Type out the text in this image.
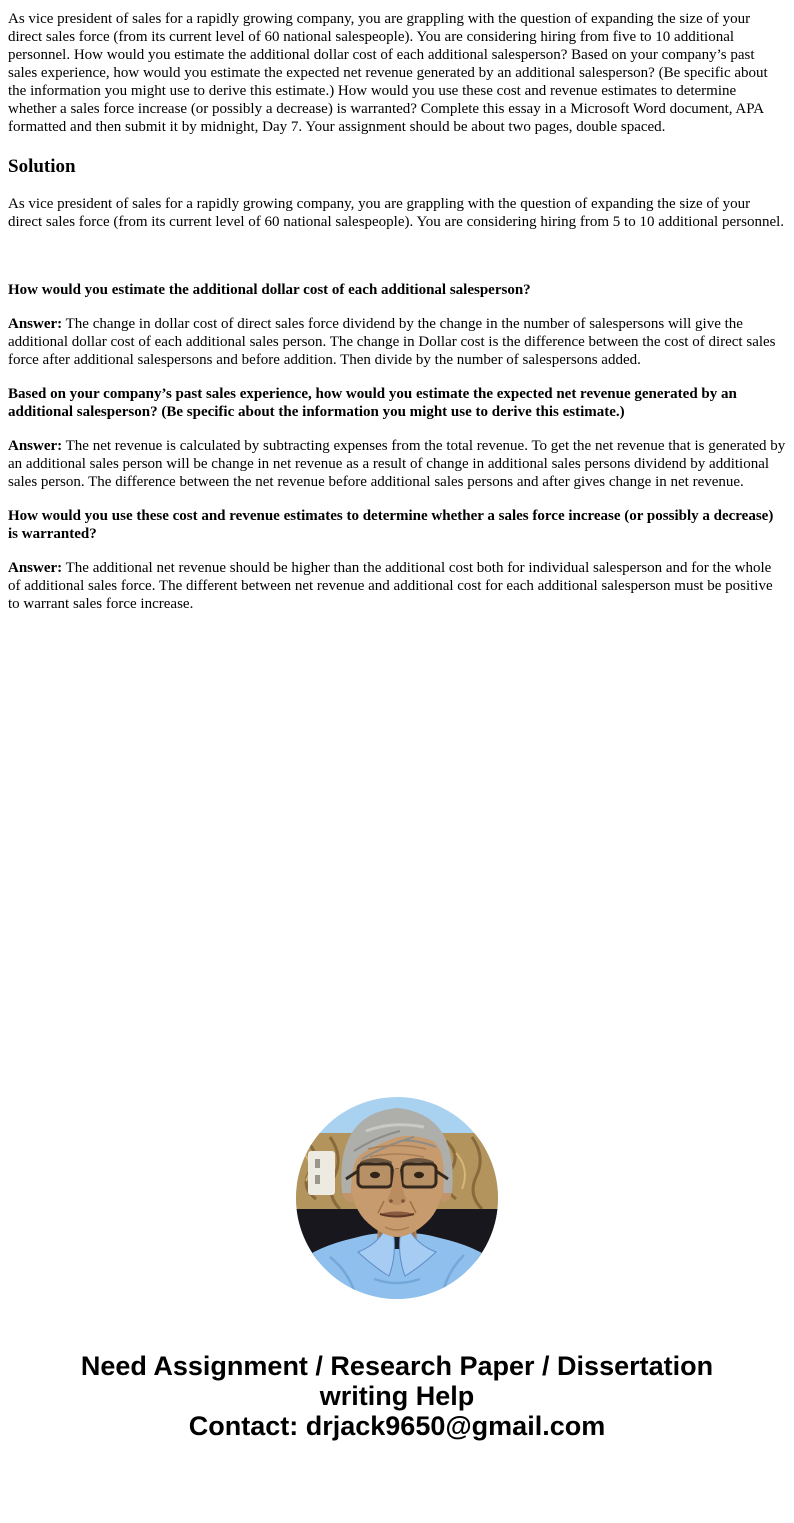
As vice president of sales for a rapidly growing company, you are grappling with the question of expanding the size of your direct sales force (from its current level of 60 national salespeople). You are considering hiring from five to 10 additional personnel. How would you estimate the additional dollar cost of each additional salesperson? Based on your company’s past sales experience, how would you estimate the expected net revenue generated by an additional salesperson? (Be specific about the information you might use to derive this estimate.) How would you use these cost and revenue estimates to determine whether a sales force increase (or possibly a decrease) is warranted? Complete this essay in a Microsoft Word document, APA formatted and then submit it by midnight, Day 7. Your assignment should be about two pages, double spaced.

Solution

As vice president of sales for a rapidly growing company, you are grappling with the question of expanding the size of your direct sales force (from its current level of 60 national salespeople). You are considering hiring from 5 to 10 additional personnel.

How would you estimate the additional dollar cost of each additional salesperson?

Answer: The change in dollar cost of direct sales force dividend by the change in the number of salespersons will give the additional dollar cost of each additional sales person. The change in Dollar cost is the difference between the cost of direct sales force after additional salespersons and before addition. Then divide by the number of salespersons added.

Based on your company’s past sales experience, how would you estimate the expected net revenue generated by an additional salesperson? (Be specific about the information you might use to derive this estimate.)

Answer: The net revenue is calculated by subtracting expenses from the total revenue. To get the net revenue that is generated by an additional sales person will be change in net revenue as a result of change in additional sales persons dividend by additional sales person. The difference between the net revenue before additional sales persons and after gives change in net revenue.

How would you use these cost and revenue estimates to determine whether a sales force increase (or possibly a decrease) is warranted?

Answer: The additional net revenue should be higher than the additional cost both for individual salesperson and for the whole of additional sales force. The different between net revenue and additional cost for each additional salesperson must be positive to warrant sales force increase.

Need Assignment / Research Paper / Dissertation
writing Help
Contact: drjack9650@gmail.com
